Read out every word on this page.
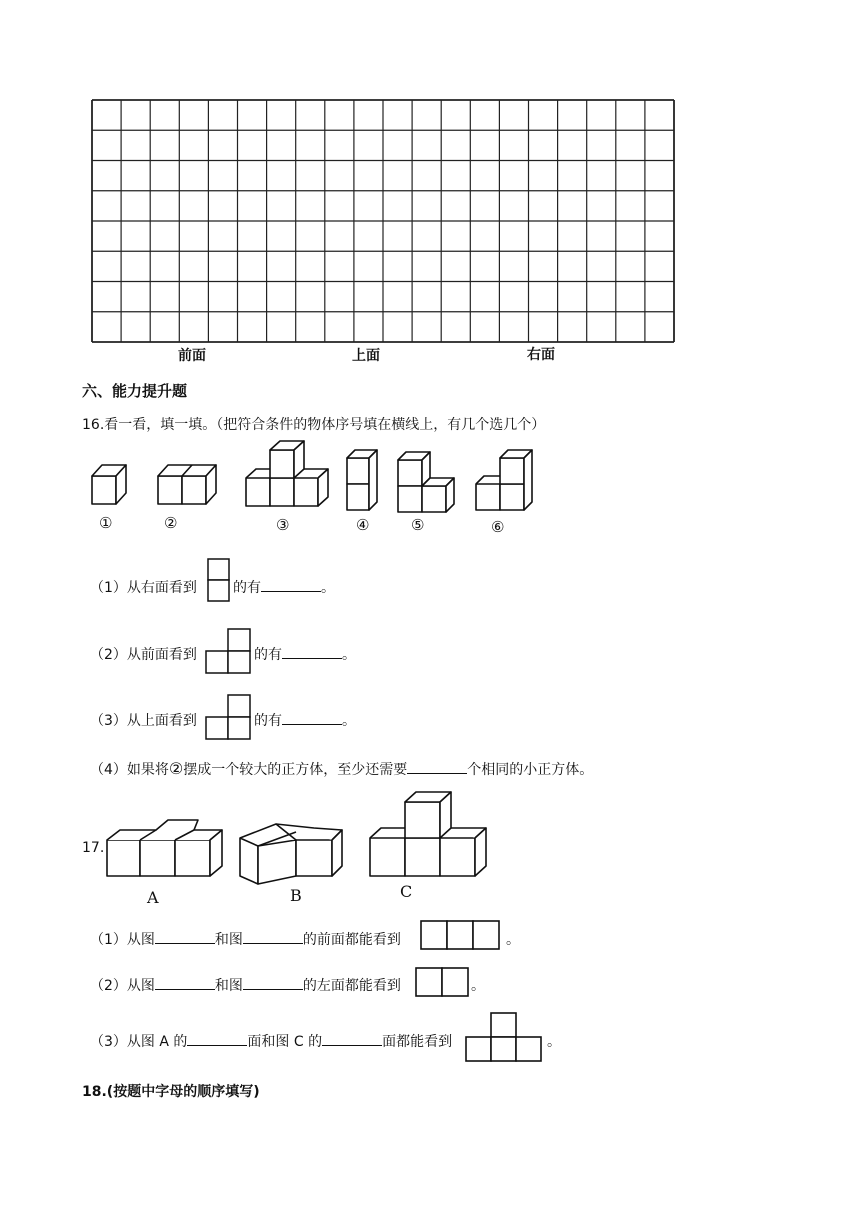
前面	上面	右面
六、能力提升题
16.看一看，填一填。（把符合条件的物体序号填在横线上，有几个选几个）
①	②	③	④	⑤	⑥
（1）从右面看到	的有	。
（2）从前面看到	的有	。
（3）从上面看到	的有	。
（4）如果将②摆成一个较大的正方体，至少还需要	个相同的小正方体。
17.
A	B	C
（1）从图	和图	的前面都能看到	。
（2）从图	和图	的左面都能看到	。
（3）从图 A 的	面和图 C 的	面都能看到	。
18.(按题中字母的顺序填写)
